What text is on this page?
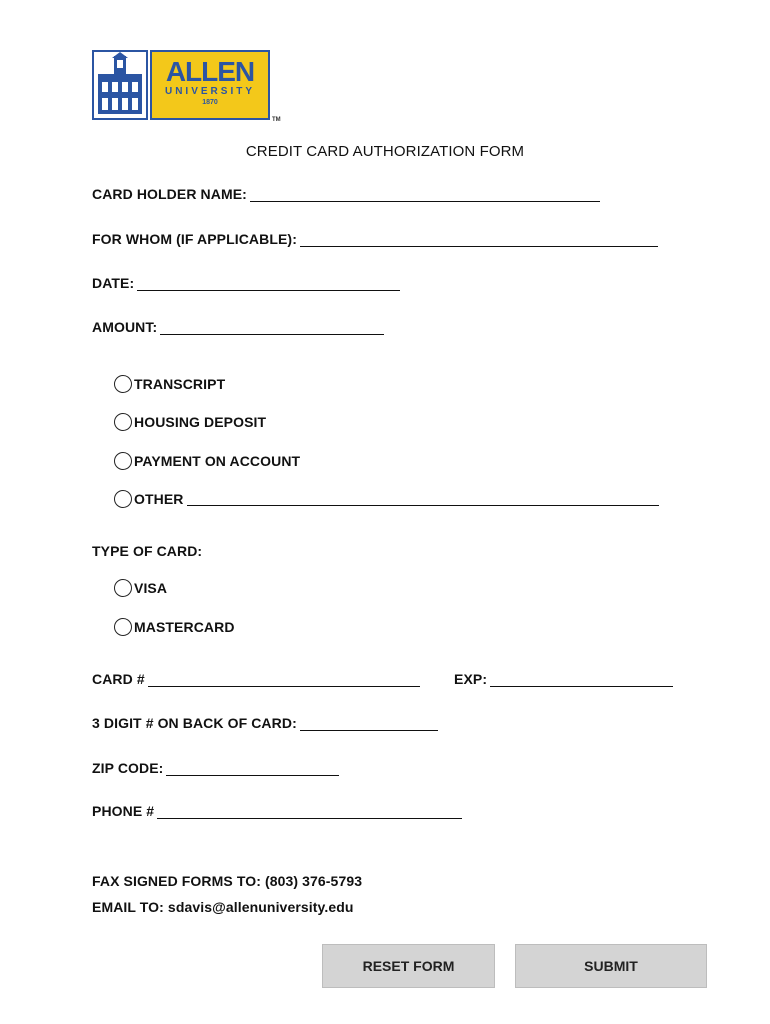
ALLEN
UNIVERSITY
1870
TM
CREDIT CARD AUTHORIZATION FORM
CARD HOLDER NAME:
FOR WHOM (IF APPLICABLE):
DATE:
AMOUNT:
TRANSCRIPT
HOUSING DEPOSIT
PAYMENT ON ACCOUNT
OTHER
TYPE OF CARD:
VISA
MASTERCARD
CARD #	EXP:
3 DIGIT # ON BACK OF CARD:
ZIP CODE:
PHONE #
FAX SIGNED FORMS TO: (803) 376-5793
EMAIL TO: sdavis@allenuniversity.edu
RESET FORM	SUBMIT
